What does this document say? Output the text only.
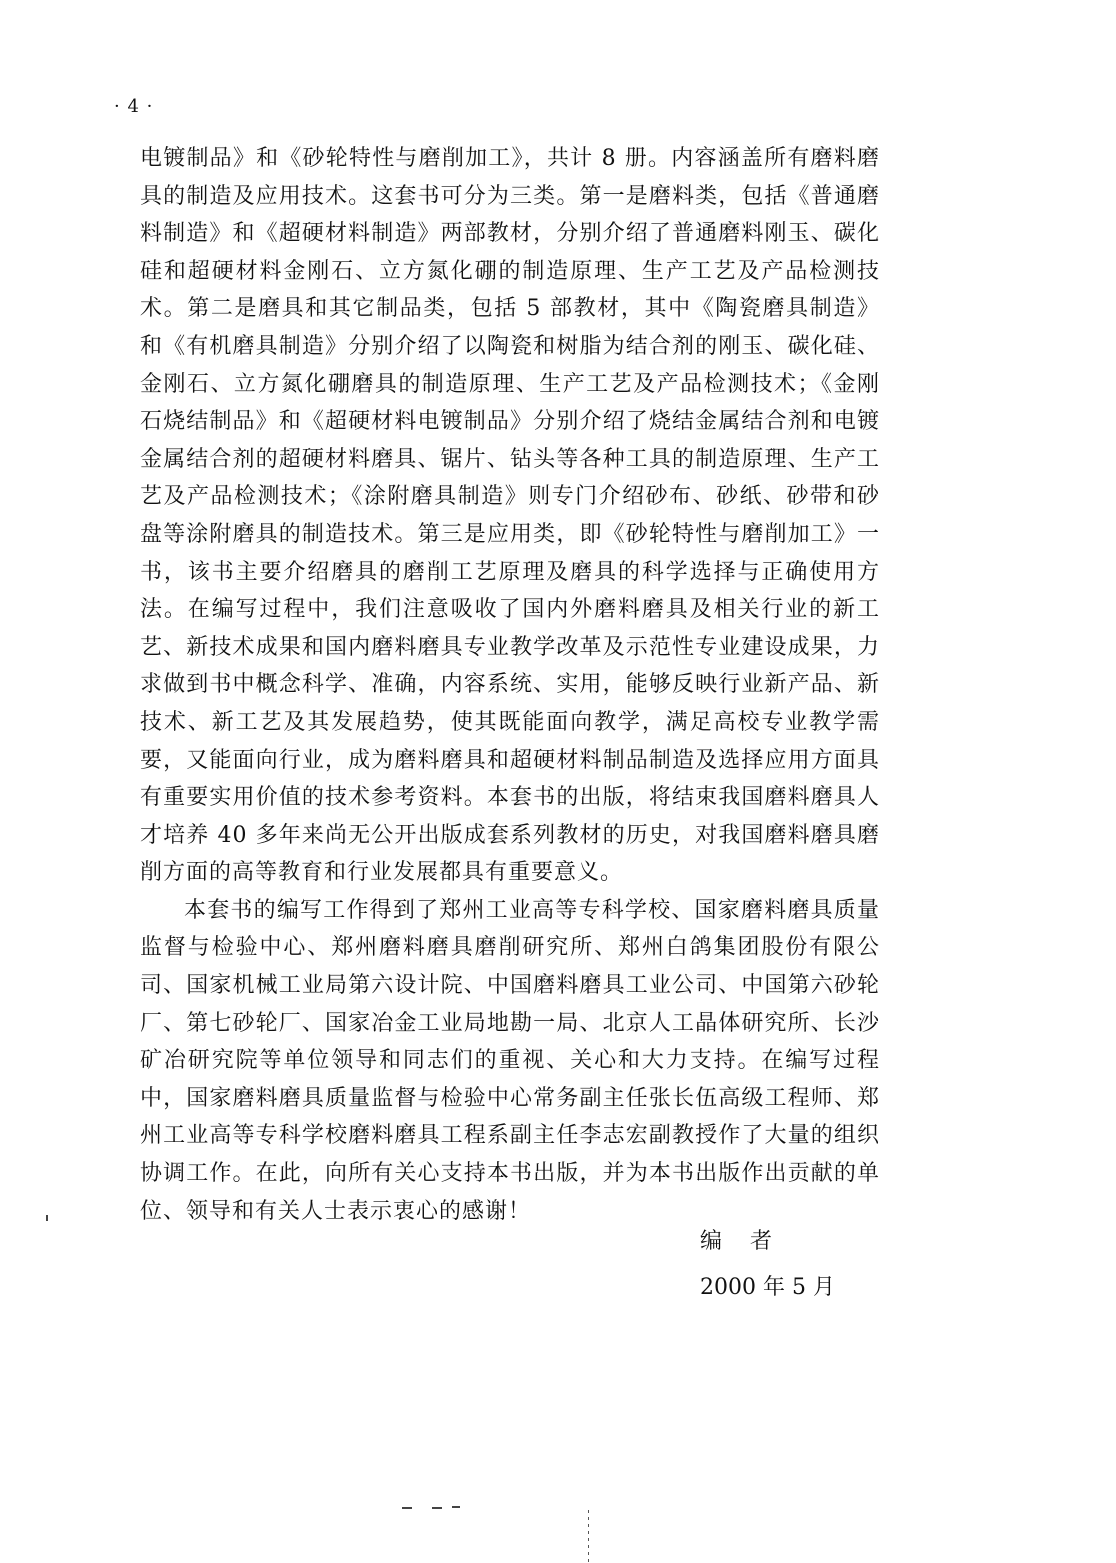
· 4 ·

电镀制品》和《砂轮特性与磨削加工》，共计 8 册。内容涵盖所有磨料磨具的制造及应用技术。这套书可分为三类。第一是磨料类，包括《普通磨料制造》和《超硬材料制造》两部教材，分别介绍了普通磨料刚玉、碳化硅和超硬材料金刚石、立方氮化硼的制造原理、生产工艺及产品检测技术。第二是磨具和其它制品类，包括 5 部教材，其中《陶瓷磨具制造》和《有机磨具制造》分别介绍了以陶瓷和树脂为结合剂的刚玉、碳化硅、金刚石、立方氮化硼磨具的制造原理、生产工艺及产品检测技术；《金刚石烧结制品》和《超硬材料电镀制品》分别介绍了烧结金属结合剂和电镀金属结合剂的超硬材料磨具、锯片、钻头等各种工具的制造原理、生产工艺及产品检测技术；《涂附磨具制造》则专门介绍砂布、砂纸、砂带和砂盘等涂附磨具的制造技术。第三是应用类，即《砂轮特性与磨削加工》一书，该书主要介绍磨具的磨削工艺原理及磨具的科学选择与正确使用方法。在编写过程中，我们注意吸收了国内外磨料磨具及相关行业的新工艺、新技术成果和国内磨料磨具专业教学改革及示范性专业建设成果，力求做到书中概念科学、准确，内容系统、实用，能够反映行业新产品、新技术、新工艺及其发展趋势，使其既能面向教学，满足高校专业教学需要，又能面向行业，成为磨料磨具和超硬材料制品制造及选择应用方面具有重要实用价值的技术参考资料。本套书的出版，将结束我国磨料磨具人才培养 40 多年来尚无公开出版成套系列教材的历史，对我国磨料磨具磨削方面的高等教育和行业发展都具有重要意义。

本套书的编写工作得到了郑州工业高等专科学校、国家磨料磨具质量监督与检验中心、郑州磨料磨具磨削研究所、郑州白鸽集团股份有限公司、国家机械工业局第六设计院、中国磨料磨具工业公司、中国第六砂轮厂、第七砂轮厂、国家冶金工业局地勘一局、北京人工晶体研究所、长沙矿冶研究院等单位领导和同志们的重视、关心和大力支持。在编写过程中，国家磨料磨具质量监督与检验中心常务副主任张长伍高级工程师、郑州工业高等专科学校磨料磨具工程系副主任李志宏副教授作了大量的组织协调工作。在此，向所有关心支持本书出版，并为本书出版作出贡献的单位、领导和有关人士表示衷心的感谢！

编者
2000 年 5 月
